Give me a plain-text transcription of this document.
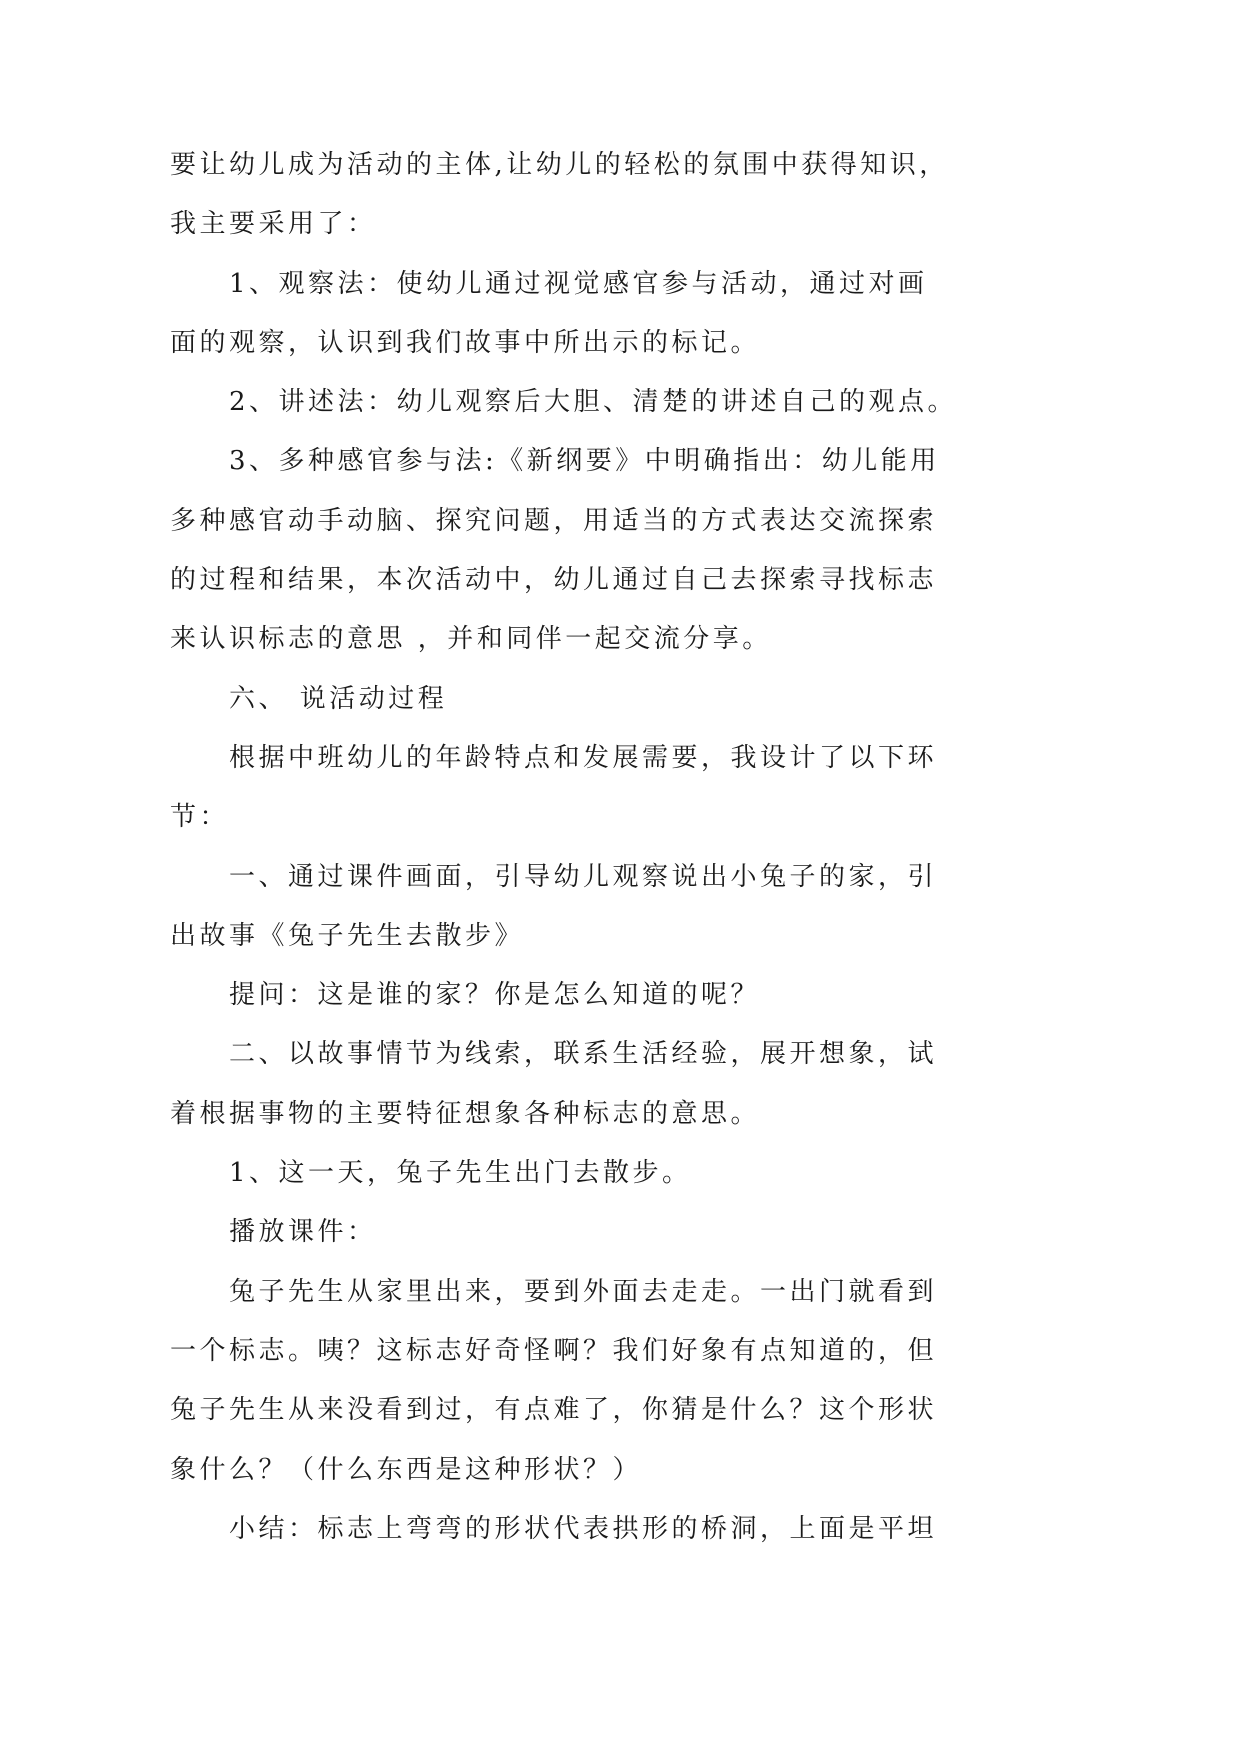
要让幼儿成为活动的主体,让幼儿的轻松的氛围中获得知识，
我主要采用了：
1、观察法：使幼儿通过视觉感官参与活动，通过对画
面的观察，认识到我们故事中所出示的标记。
2、讲述法：幼儿观察后大胆、清楚的讲述自己的观点。
3、多种感官参与法:《新纲要》中明确指出：幼儿能用
多种感官动手动脑、探究问题，用适当的方式表达交流探索
的过程和结果，本次活动中，幼儿通过自己去探索寻找标志
来认识标志的意思 ，并和同伴一起交流分享。
六、 说活动过程
根据中班幼儿的年龄特点和发展需要，我设计了以下环
节：
一、通过课件画面，引导幼儿观察说出小兔子的家，引
出故事《兔子先生去散步》
提问：这是谁的家？你是怎么知道的呢？
二、以故事情节为线索，联系生活经验，展开想象，试
着根据事物的主要特征想象各种标志的意思。
1、这一天，兔子先生出门去散步。
播放课件：
兔子先生从家里出来，要到外面去走走。一出门就看到
一个标志。咦？这标志好奇怪啊？我们好象有点知道的，但
兔子先生从来没看到过，有点难了，你猜是什么？这个形状
象什么？（什么东西是这种形状？）
小结：标志上弯弯的形状代表拱形的桥洞，上面是平坦
